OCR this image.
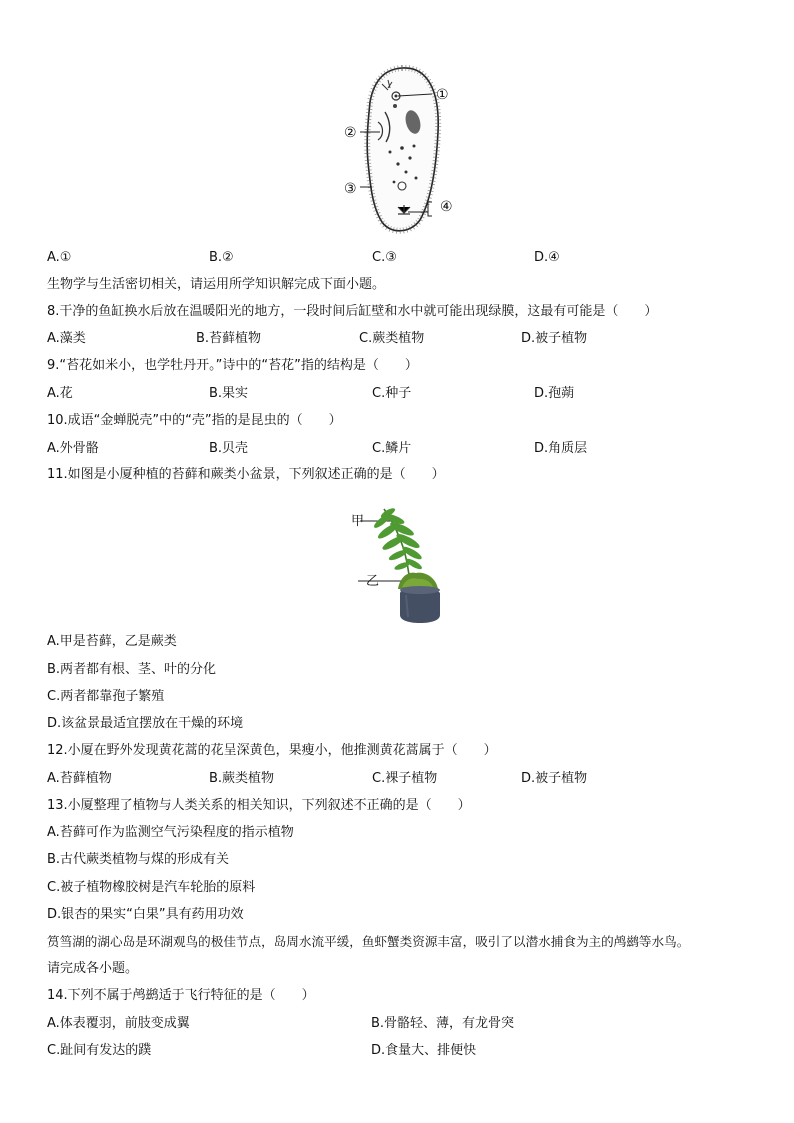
①
②
③
④
A.①	B.②	C.③	D.④
生物学与生活密切相关，请运用所学知识解完成下面小题。
8.干净的鱼缸换水后放在温暖阳光的地方，一段时间后缸壁和水中就可能出现绿膜，这最有可能是（　　）
A.藻类	B.苔藓植物	C.蕨类植物	D.被子植物
9.“苔花如米小，也学牡丹开。”诗中的“苔花”指的结构是（　　）
A.花	B.果实	C.种子	D.孢蒴
10.成语“金蝉脱壳”中的“壳”指的是昆虫的（　　）
A.外骨骼	B.贝壳	C.鳞片	D.角质层
11.如图是小厦种植的苔藓和蕨类小盆景，下列叙述正确的是（　　）
甲
乙
A.甲是苔藓，乙是蕨类
B.两者都有根、茎、叶的分化
C.两者都靠孢子繁殖
D.该盆景最适宜摆放在干燥的环境
12.小厦在野外发现黄花蒿的花呈深黄色，果瘦小，他推测黄花蒿属于（　　）
A.苔藓植物	B.蕨类植物	C.裸子植物	D.被子植物
13.小厦整理了植物与人类关系的相关知识，下列叙述不正确的是（　　）
A.苔藓可作为监测空气污染程度的指示植物
B.古代蕨类植物与煤的形成有关
C.被子植物橡胶树是汽车轮胎的原料
D.银杏的果实“白果”具有药用功效
筼筜湖的湖心岛是环湖观鸟的极佳节点，岛周水流平缓，鱼虾蟹类资源丰富，吸引了以潜水捕食为主的鸬鹚等水鸟。
请完成各小题。
14.下列不属于鸬鹚适于飞行特征的是（　　）
A.体表覆羽，前肢变成翼	B.骨骼轻、薄，有龙骨突
C.趾间有发达的蹼	D.食量大、排便快
